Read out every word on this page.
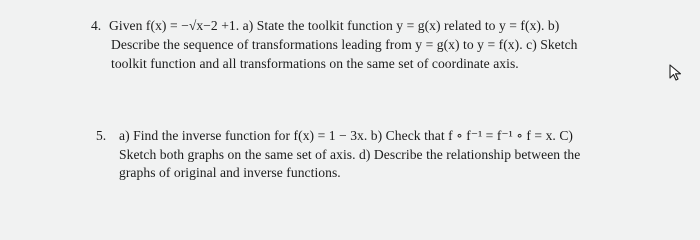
4. Given f(x) = −√x−2 +1. a) State the toolkit function y = g(x) related to y = f(x). b)
Describe the sequence of transformations leading from y = g(x) to y = f(x). c) Sketch
toolkit function and all transformations on the same set of coordinate axis.
5. a) Find the inverse function for f(x) = 1 − 3x. b) Check that f ∘ f⁻¹ = f⁻¹ ∘ f = x. C)
Sketch both graphs on the same set of axis. d) Describe the relationship between the
graphs of original and inverse functions.
